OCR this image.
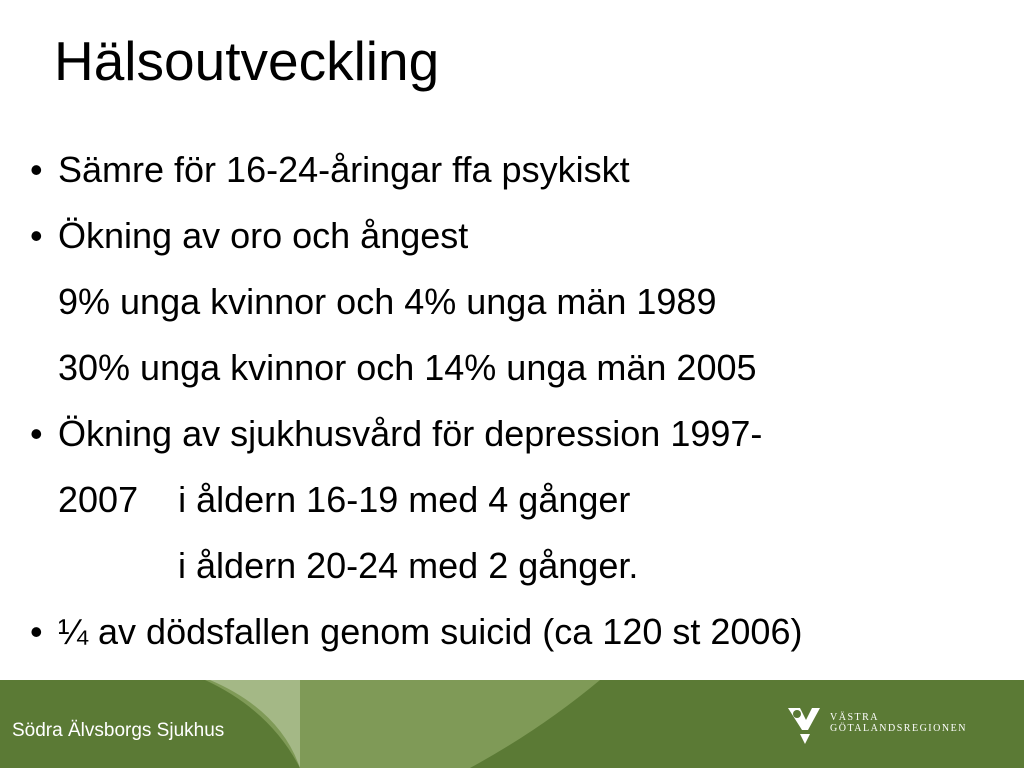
Hälsoutveckling
• Sämre för 16-24-åringar ffa psykiskt
• Ökning av oro och ångest
9% unga kvinnor och 4% unga män 1989
30% unga kvinnor och 14% unga män 2005
• Ökning av sjukhusvård för depression 1997-
2007    i åldern 16-19 med 4 gånger
i åldern 20-24 med 2 gånger.
• ¼ av dödsfallen genom suicid (ca 120 st 2006)
Södra Älvsborgs Sjukhus
VÄSTRA
GÖTALANDSREGIONEN
